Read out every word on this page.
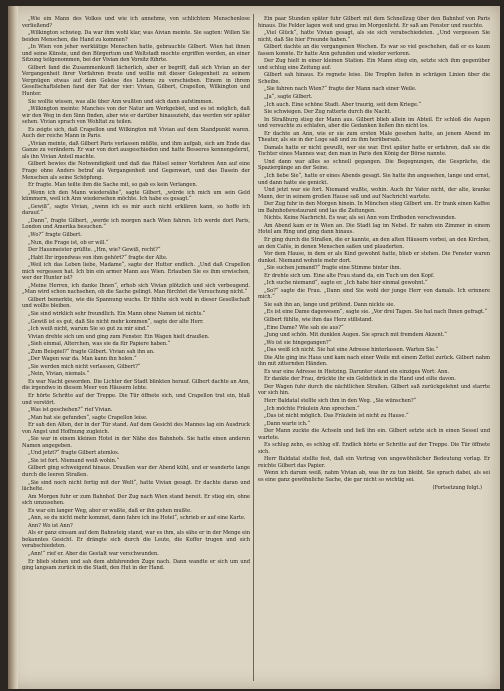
„Wie ein Mann des Volkes und wie ich annehme, von schlichtem Menschenlose verließend?

„Wilkington schwieg. Da war ihm wohl klar, was Aivian meinte. Sie sagten: Willen Sie beiden Menschen, die Hand zu kommen?

„In Wien von jeher werktätige Menschen hatte, gebrauchte Gilbert. Wien hat ihnen und seine Künste, und den Bürgertum und Weltstadt mochte ergriffen werden, an einer Sitzung teilgenommen, bei der Vivian den Vorsitz führte.

Gilbert fand die Zusammenkunft lächerlich, aber er begriff, daß sich Vivian an der Vergangenheit ihrer Vorfahren freute und wollte mit dieser Gelegenheit zu seinem Vergnügen etwas auf dem Geleise des Lebens zu verschieben. Einem in ihrem Gesellschaftsleben fand der Rat der vier: Vivian, Gilbert, Crapellon, Wilkington und Hunter.

Sie wollte wissen, was alle über Ann wußten und sich dann aufstimmen.

„Wilkington meinte: Manches von der Natur am Werkgebiet, und es ist möglich, daß wir den Weg in den Sinn finden, aber wie er darüber hinauszieht, das werden wir später sehen. Vivian sprach von Wohltat zu teilen.

Es zeigte sich, daß Crapellon und Wilkington mit Vivian auf dem Standpunkt waren. Auch der reiche Mann in Paris.

„Vivian meinte, daß Gilbert Paris verlassen müßte, und ihm aufgab, sich am Ende das Ganze zu verändern. Er war von dort ausgeschieden und hatte Besseres kennengelernt, als ihn Vivian Anteil machte.

Gilbert bewies die Notwendigkeit und daß das Rätsel seiner Vorfahren Ann auf eine Frage ohne Anders betraf als Vergangenheit und Gegenwart, und das Dasein der Menschen als seine Schöpfung.

Er fragte. Man teilte ihm die Sache mit, so gab es kein Verlangen.

„Wenn ich den Mann wiedersähe“, sagte Gilbert, „würde ich mich um sein Geld kümmern, weil ich Ann wiedersehen möchte. Ich habe es gesagt.“

„Gewiß“, sagte Vivian, „wenn ich es mir auch nicht erklären kann, so hoffe ich darauf.“

„Dann“, fragte Gilbert, „werde ich morgen nach Wien fahren. Ich werde dort Paris, London und Amerika besuchen.“

„Wo?“ fragte Gilbert.

„Nun, die Frage ist, ob er will.“

Der Hausmeister grüßte. „Hm, wie? Gewiß, recht?“

„Habt Ihr irgendwas von ihm gehört?“ fragte der Alte.

„Weil ich das Leben liebe, Madame“, sagte der Hutter endlich. „Und daß Crapellon mich vergessen hat. Ich bin ein armer Mann aus Wien. Erlauben Sie es ihm erwischen, wer der Hunter ist?

„Meine Herren, ich danke Ihnen“, erhob sich Vivian plötzlich und sich verbeugend. „Man wird schon nachsehen, ob die Sache gelingt. Man fürchtet die Versuchung nicht.“

Gilbert bemerkte, wie die Spannung wuchs. Er fühlte sich wohl in dieser Gesellschaft und wollte bleiben.

„Sie sind wirklich sehr freundlich. Ein Mann ohne Namen ist nichts.“

„Gewiß ist es gut, daß Sie nicht mehr kommen“, sagte der alte Herr.

„Ich weiß nicht, warum Sie so gut zu mir sind.“

Vivian drehte sich um und ging zum Fenster. Ein Wagen hielt draußen.

„Sieh einmal, Alterchen, was sie da für Papiere haben.“

„Zum Beispiel?“ fragte Gilbert. Vivian sah ihn an.

„Der Wagen war da. Man kann ihn holen.“

„Sie werden mich nicht verlassen, Gilbert?“

„Nein, Vivian, niemals.“

Es war Nacht geworden. Die Lichter der Stadt blinkten herauf. Gilbert dachte an Ann, die irgendwo in diesem Meer von Häusern lebte.

Er hörte Schritte auf der Treppe. Die Tür öffnete sich, und Crapellon trat ein, blaß und verstört.

„Was ist geschehen?“ rief Vivian.

„Man hat sie gefunden“, sagte Crapellon leise.

Er sah den Alten, der in der Tür stand. Auf dem Gesicht des Mannes lag ein Ausdruck von Angst und Hoffnung zugleich.

„Sie war in einem kleinen Hotel in der Nähe des Bahnhofs. Sie hatte einen anderen Namen angegeben.

„Und jetzt?“ fragte Gilbert atemlos.

„Sie ist fort. Niemand weiß wohin.“

Gilbert ging schweigend hinaus. Draußen war der Abend kühl, und er wanderte lange durch die leeren Straßen.

„Sie sind noch nicht fertig mit der Welt“, hatte Vivian gesagt. Er dachte daran und lächelte.

Am Morgen fuhr er zum Bahnhof. Der Zug nach Wien stand bereit. Er stieg ein, ohne sich umzusehen.

Es war ein langer Weg, aber er wußte, daß er ihn gehen mußte.

„Ann, so du nicht mehr kommst, dann fahre ich ins Hotel“, schrieb er auf eine Karte.

Ann? Wo ist Ann?

Als er ganz einsam auf dem Bahnsteig stand, war es ihm, als sähe er in der Menge ein bekanntes Gesicht. Er drängte sich durch die Leute, die Koffer trugen und sich verabschiedeten.

„Ann!“ rief er. Aber die Gestalt war verschwunden.

Er blieb stehen und sah dem abfahrenden Zuge nach. Dann wandte er sich um und ging langsam zurück in die Stadt, den Hut in der Hand.

Ein paar Stunden später fuhr Gilbert mit dem Schnellzug über den Bahnhof von Paris hinaus. Die Felder lagen weit und grau im Morgenlicht. Er saß am Fenster und rauchte.

„Viel Glück“, hatte Vivian gesagt, als sie sich verabschiedeten. „Und vergessen Sie nicht, daß Sie hier Freunde haben.“

Gilbert dachte an die vergangenen Wochen. Es war so viel geschehen, daß er es kaum fassen konnte. Er hatte Ann gefunden und wieder verloren.

Der Zug hielt in einer kleinen Station. Ein Mann stieg ein, setzte sich ihm gegenüber und schlug eine Zeitung auf.

Gilbert sah hinaus. Es regnete leise. Die Tropfen liefen in schrägen Linien über die Scheibe.

„Sie fahren nach Wien?“ fragte der Mann nach einer Weile.

„Ja“, sagte Gilbert.

„Ich auch. Eine schöne Stadt. Aber traurig, seit dem Kriege.“

Sie schwiegen. Der Zug ratterte durch die Nacht.

In Straßburg stieg der Mann aus. Gilbert blieb allein im Abteil. Er schloß die Augen und versuchte zu schlafen, aber die Gedanken ließen ihn nicht los.

Er dachte an Ann, wie er sie zum ersten Male gesehen hatte, an jenem Abend im Theater, als sie in der Loge saß und zu ihm herübersah.

Damals hatte er nicht gewußt, wer sie war. Erst später hatte er erfahren, daß sie die Tochter eines Mannes war, den man in Paris den König der Börse nannte.

Und dann war alles so schnell gegangen. Die Begegnungen, die Gespräche, die Spaziergänge an der Seine.

„Ich liebe Sie“, hatte er eines Abends gesagt. Sie hatte ihn angesehen, lange und ernst, und dann hatte sie genickt.

Und jetzt war sie fort. Niemand wußte, wohin. Auch ihr Vater nicht, der alte, kranke Mann, der in seinem großen Hause saß und auf Nachricht wartete.

Der Zug fuhr in den Morgen hinein. In München stieg Gilbert um. Er trank einen Kaffee im Bahnhofsrestaurant und las die Zeitungen.

Nichts. Keine Nachricht. Es war, als sei Ann vom Erdboden verschwunden.

Am Abend kam er in Wien an. Die Stadt lag im Nebel. Er nahm ein Zimmer in einem Hotel am Ring und ging dann hinaus.

Er ging durch die Straßen, die er kannte, an den alten Häusern vorbei, an den Kirchen, an den Cafés, in denen Menschen saßen und plauderten.

Vor dem Hause, in dem er als Kind gewohnt hatte, blieb er stehen. Die Fenster waren dunkel. Niemand wohnte mehr dort.

„Sie suchen jemand?“ fragte eine Stimme hinter ihm.

Er drehte sich um. Eine alte Frau stand da, ein Tuch um den Kopf.

„Ich suche niemand“, sagte er. „Ich habe hier einmal gewohnt.“

„So?“ sagte die Frau. „Dann sind Sie wohl der junge Herr von damals. Ich erinnere mich.“

Sie sah ihn an, lange und prüfend. Dann nickte sie.

„Es ist eine Dame dagewesen“, sagte sie. „Vor drei Tagen. Sie hat nach Ihnen gefragt.“

Gilbert fühlte, wie ihm das Herz stillstand.

„Eine Dame? Wie sah sie aus?“

„Jung und schön. Mit dunklen Augen. Sie sprach mit fremdem Akzent.“

„Wo ist sie hingegangen?“

„Das weiß ich nicht. Sie hat eine Adresse hinterlassen. Warten Sie.“

Die Alte ging ins Haus und kam nach einer Weile mit einem Zettel zurück. Gilbert nahm ihn mit zitternden Händen.

Es war eine Adresse in Hietzing. Darunter stand ein einziges Wort: Ann.

Er dankte der Frau, drückte ihr ein Geldstück in die Hand und eilte davon.

Der Wagen fuhr durch die nächtlichen Straßen. Gilbert saß zurückgelehnt und starrte vor sich hin.

Herr Baldatal stellte sich ihm in den Weg. „Sie wünschen?“

„Ich möchte Fräulein Ann sprechen.“

„Das ist nicht möglich. Das Fräulein ist nicht zu Hause.“

„Dann warte ich.“

Der Mann zuckte die Achseln und ließ ihn ein. Gilbert setzte sich in einen Sessel und wartete.

Es schlug zehn, es schlug elf. Endlich hörte er Schritte auf der Treppe. Die Tür öffnete sich.

Herr Baldatal stellte fest, daß ein Vertrag von ungewöhnlicher Bedeutung vorlag. Er reichte Gilbert das Papier.

Wenn ich darum weiß, nahm Vivian ab, was ihr zu tun bleibt. Sie sprach dabei, als sei es eine ganz gewöhnliche Sache, die gar nicht so wichtig sei.

(Fortsetzung folgt.)
